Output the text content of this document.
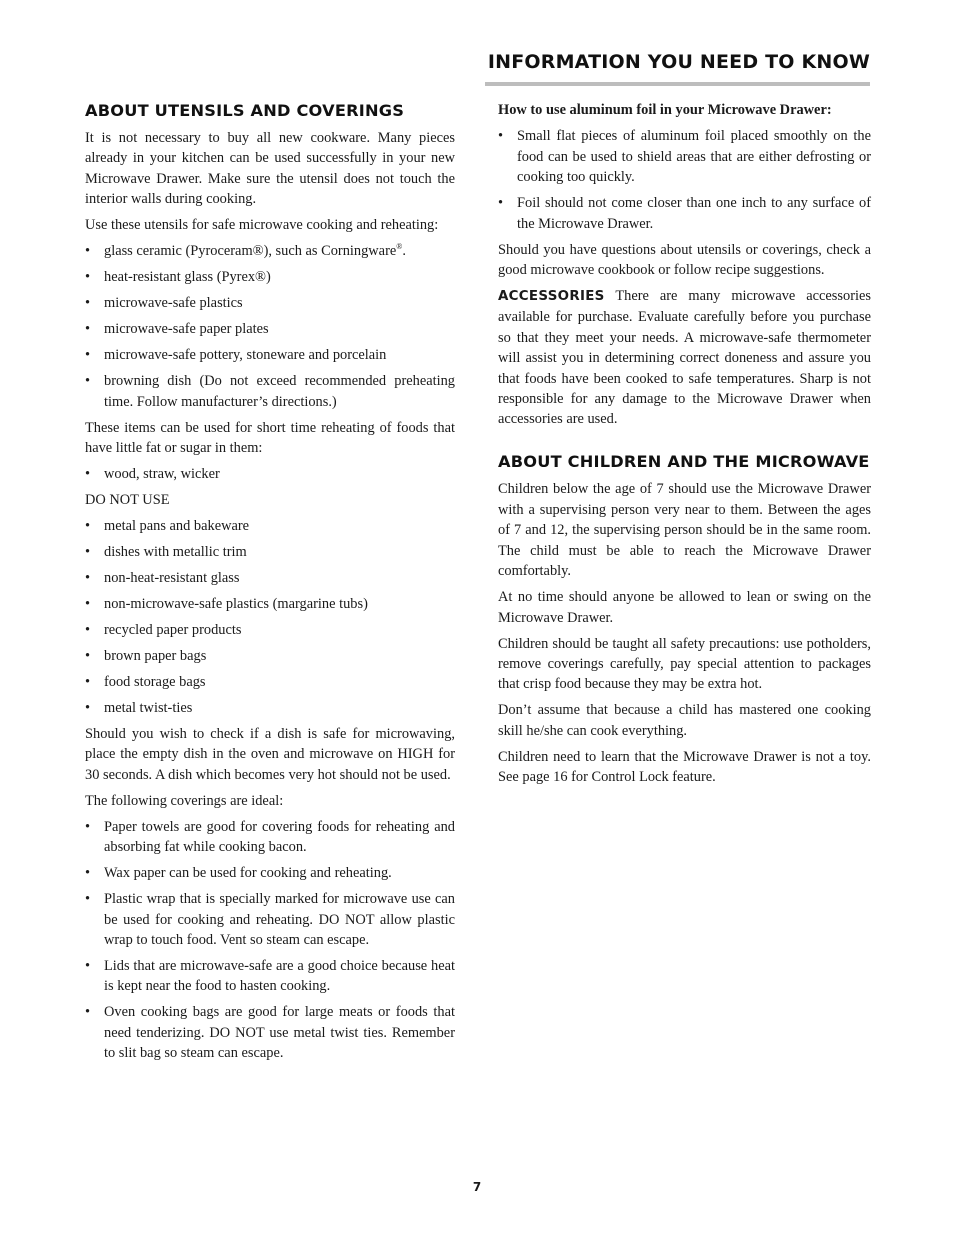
INFORMATION YOU NEED TO KNOW
ABOUT UTENSILS AND COVERINGS

It is not necessary to buy all new cookware. Many pieces already in your kitchen can be used successfully in your new Microwave Drawer. Make sure the utensil does not touch the interior walls during cooking.

Use these utensils for safe microwave cooking and reheating:

• glass ceramic (Pyroceram®), such as Corningware®.
• heat-resistant glass (Pyrex®)
• microwave-safe plastics
• microwave-safe paper plates
• microwave-safe pottery, stoneware and porcelain
• browning dish (Do not exceed recommended preheating time. Follow manufacturer’s directions.)

These items can be used for short time reheating of foods that have little fat or sugar in them:

• wood, straw, wicker

DO NOT USE

• metal pans and bakeware
• dishes with metallic trim
• non-heat-resistant glass
• non-microwave-safe plastics (margarine tubs)
• recycled paper products
• brown paper bags
• food storage bags
• metal twist-ties

Should you wish to check if a dish is safe for microwaving, place the empty dish in the oven and microwave on HIGH for 30 seconds. A dish which becomes very hot should not be used.

The following coverings are ideal:

• Paper towels are good for covering foods for reheating and absorbing fat while cooking bacon.
• Wax paper can be used for cooking and reheating.
• Plastic wrap that is specially marked for microwave use can be used for cooking and reheating. DO NOT allow plastic wrap to touch food. Vent so steam can escape.
• Lids that are microwave-safe are a good choice because heat is kept near the food to hasten cooking.
• Oven cooking bags are good for large meats or foods that need tenderizing. DO NOT use metal twist ties. Remember to slit bag so steam can escape.

How to use aluminum foil in your Microwave Drawer:

• Small flat pieces of aluminum foil placed smoothly on the food can be used to shield areas that are either defrosting or cooking too quickly.
• Foil should not come closer than one inch to any surface of the Microwave Drawer.

Should you have questions about utensils or coverings, check a good microwave cookbook or follow recipe suggestions.

ACCESSORIES There are many microwave accessories available for purchase. Evaluate carefully before you purchase so that they meet your needs. A microwave-safe thermometer will assist you in determining correct doneness and assure you that foods have been cooked to safe temperatures. Sharp is not responsible for any damage to the Microwave Drawer when accessories are used.

ABOUT CHILDREN AND THE MICROWAVE

Children below the age of 7 should use the Microwave Drawer with a supervising person very near to them. Between the ages of 7 and 12, the supervising person should be in the same room. The child must be able to reach the Microwave Drawer comfortably.

At no time should anyone be allowed to lean or swing on the Microwave Drawer.

Children should be taught all safety precautions: use potholders, remove coverings carefully, pay special attention to packages that crisp food because they may be extra hot.

Don’t assume that because a child has mastered one cooking skill he/she can cook everything.

Children need to learn that the Microwave Drawer is not a toy. See page 16 for Control Lock feature.

7
